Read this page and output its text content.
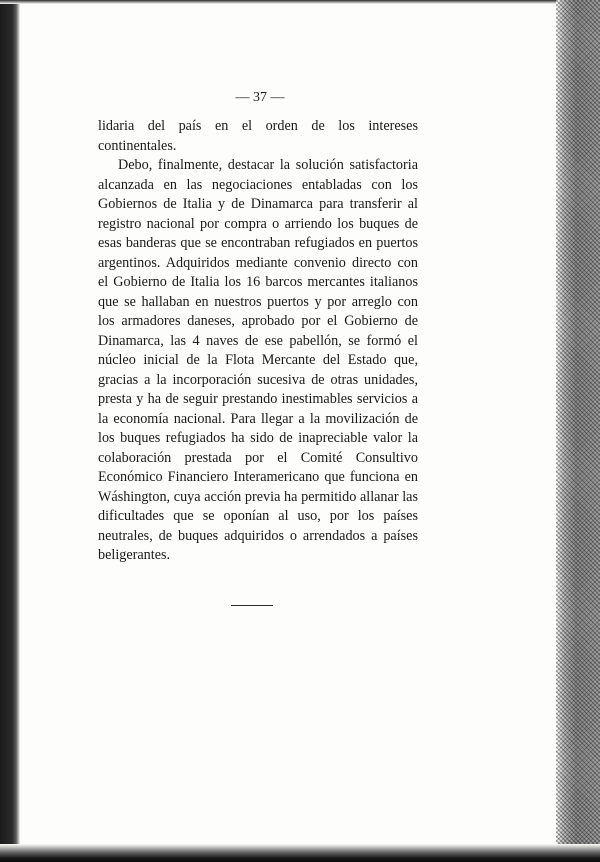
— 37 —

lidaria del país en el orden de los intereses continentales.

Debo, finalmente, destacar la solución satisfactoria alcanzada en las negociaciones entabladas con los Gobiernos de Italia y de Dinamarca para transferir al registro nacional por compra o arriendo los buques de esas banderas que se encontraban refugiados en puertos argentinos. Adquiridos mediante convenio directo con el Gobierno de Italia los 16 barcos mercantes italianos que se hallaban en nuestros puertos y por arreglo con los armadores daneses, aprobado por el Gobierno de Dinamarca, las 4 naves de ese pabellón, se formó el núcleo inicial de la Flota Mercante del Estado que, gracias a la incorporación sucesiva de otras unidades, presta y ha de seguir prestando inestimables servicios a la economía nacional. Para llegar a la movilización de los buques refugiados ha sido de inapreciable valor la colaboración prestada por el Comité Consultivo Económico Financiero Interamericano que funciona en Wáshington, cuya acción previa ha permitido allanar las dificultades que se oponían al uso, por los países neutrales, de buques adquiridos o arrendados a países beligerantes.
